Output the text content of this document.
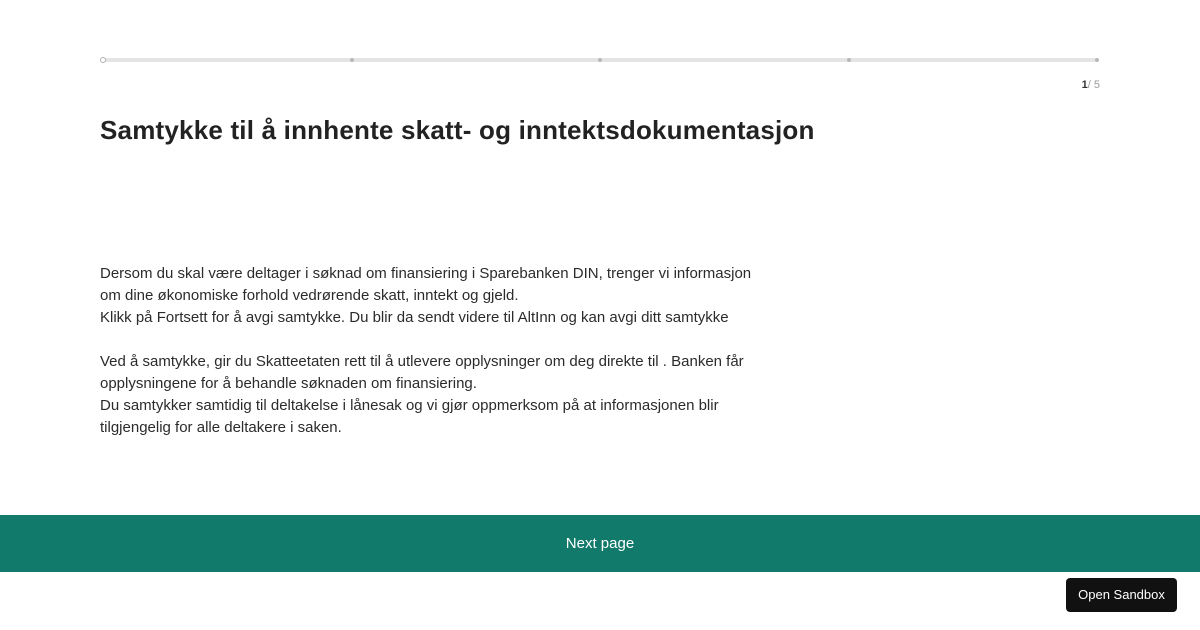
1/ 5
Samtykke til å innhente skatt- og inntektsdokumentasjon

Dersom du skal være deltager i søknad om finansiering i Sparebanken DIN, trenger vi informasjon om dine økonomiske forhold vedrørende skatt, inntekt og gjeld.

Klikk på Fortsett for å avgi samtykke. Du blir da sendt videre til AltInn og kan avgi ditt samtykke

Ved å samtykke, gir du Skatteetaten rett til å utlevere opplysninger om deg direkte til . Banken får opplysningene for å behandle søknaden om finansiering.

Du samtykker samtidig til deltakelse i lånesak og vi gjør oppmerksom på at informasjonen blir tilgjengelig for alle deltakere i saken.

Next page
Open Sandbox
